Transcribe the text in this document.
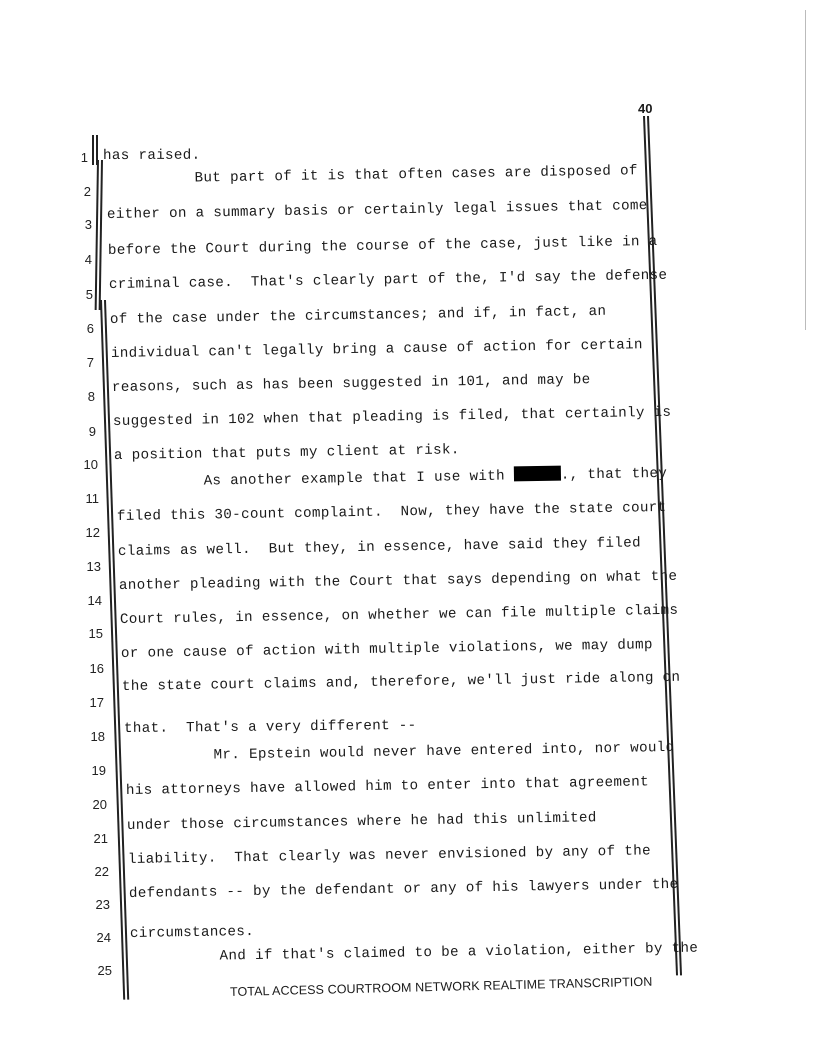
40
1 has raised.
2
But part of it is that often cases are disposed of
3
either on a summary basis or certainly legal issues that come
4
before the Court during the course of the case, just like in a
5
criminal case.  That's clearly part of the, I'd say the defense
6
of the case under the circumstances; and if, in fact, an
7
individual can't legally bring a cause of action for certain
8
reasons, such as has been suggested in 101, and may be
9
suggested in 102 when that pleading is filed, that certainly is
10
a position that puts my client at risk.
11
As another example that I use with	., that they
12
filed this 30-count complaint.  Now, they have the state court
13
claims as well.  But they, in essence, have said they filed
14
another pleading with the Court that says depending on what the
15
Court rules, in essence, on whether we can file multiple claims
16
or one cause of action with multiple violations, we may dump
17
the state court claims and, therefore, we'll just ride along on
18 that.  That's a very different --
19
Mr. Epstein would never have entered into, nor would
20
his attorneys have allowed him to enter into that agreement
21
under those circumstances where he had this unlimited
22
liability.  That clearly was never envisioned by any of the
23
defendants -- by the defendant or any of his lawyers under the
24 circumstances.
25
And if that's claimed to be a violation, either by the
TOTAL ACCESS COURTROOM NETWORK REALTIME TRANSCRIPTION
